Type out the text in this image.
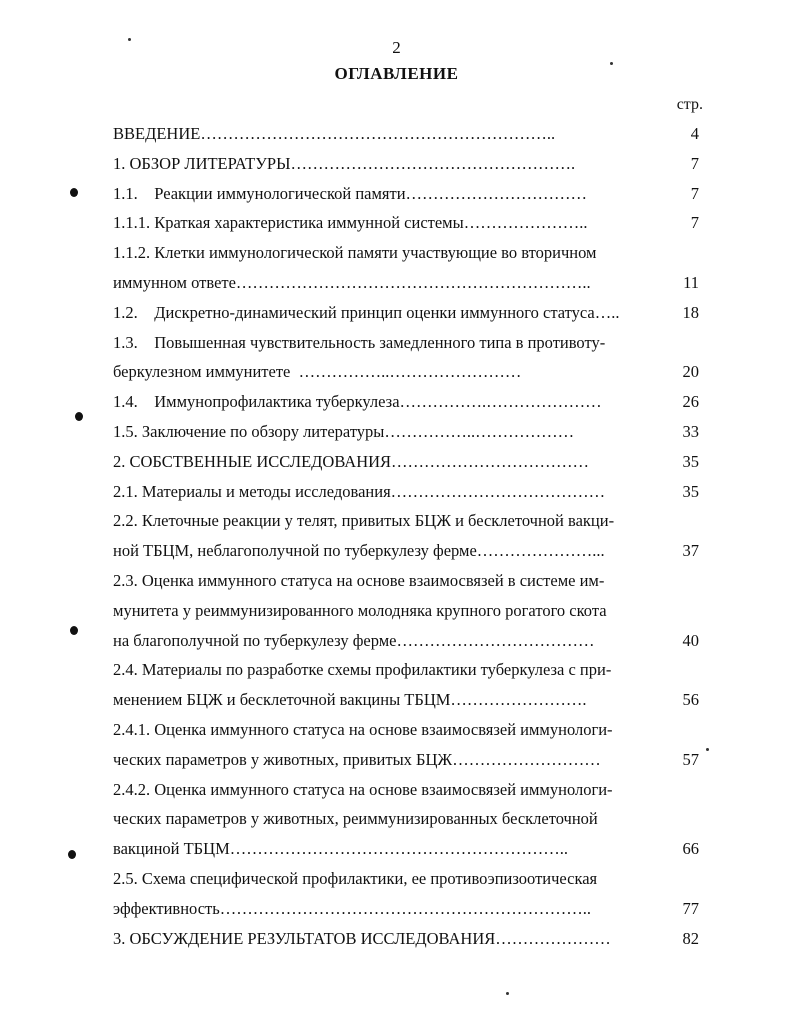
2
ОГЛАВЛЕНИЕ
стр.
ВВЕДЕНИЕ………………………………………………………..	4
1. ОБЗОР ЛИТЕРАТУРЫ…………………………………………….	7
1.1.    Реакции иммунологической памяти……………………………	7
1.1.1. Краткая характеристика иммунной системы…………………..	7
1.1.2. Клетки иммунологической памяти участвующие во вторичном
иммунном ответе………………………………………………………..	11
1.2.    Дискретно-динамический принцип оценки иммунного статуса…..	18
1.3.    Повышенная чувствительность замедленного типа в противоту-
беркулезном иммунитете  ……………..……………………	20
1.4.    Иммунопрофилактика туберкулеза…………….…………………	26
1.5. Заключение по обзору литературы……………..………………	33
2. СОБСТВЕННЫЕ ИССЛЕДОВАНИЯ………………………………	35
2.1. Материалы и методы исследования…………………………………	35
2.2. Клеточные реакции у телят, привитых БЦЖ и бесклеточной вакци-
ной ТБЦМ, неблагополучной по туберкулезу ферме…………………...	37
2.3. Оценка иммунного статуса на основе взаимосвязей в системе им-
мунитета у реиммунизированного молодняка крупного рогатого скота
на благополучной по туберкулезу ферме………………………………	40
2.4. Материалы по разработке схемы профилактики туберкулеза с при-
менением БЦЖ и бесклеточной вакцины ТБЦМ…………………….	56
2.4.1. Оценка иммунного статуса на основе взаимосвязей иммунологи-
ческих параметров у животных, привитых БЦЖ………………………	57
2.4.2. Оценка иммунного статуса на основе взаимосвязей иммунологи-
ческих параметров у животных, реиммунизированных бесклеточной
вакциной ТБЦМ……………………………………………………..	66
2.5. Схема специфической профилактики, ее противоэпизоотическая
эффективность…………………………………………………………..	77
3. ОБСУЖДЕНИЕ РЕЗУЛЬТАТОВ ИССЛЕДОВАНИЯ…………………	82
